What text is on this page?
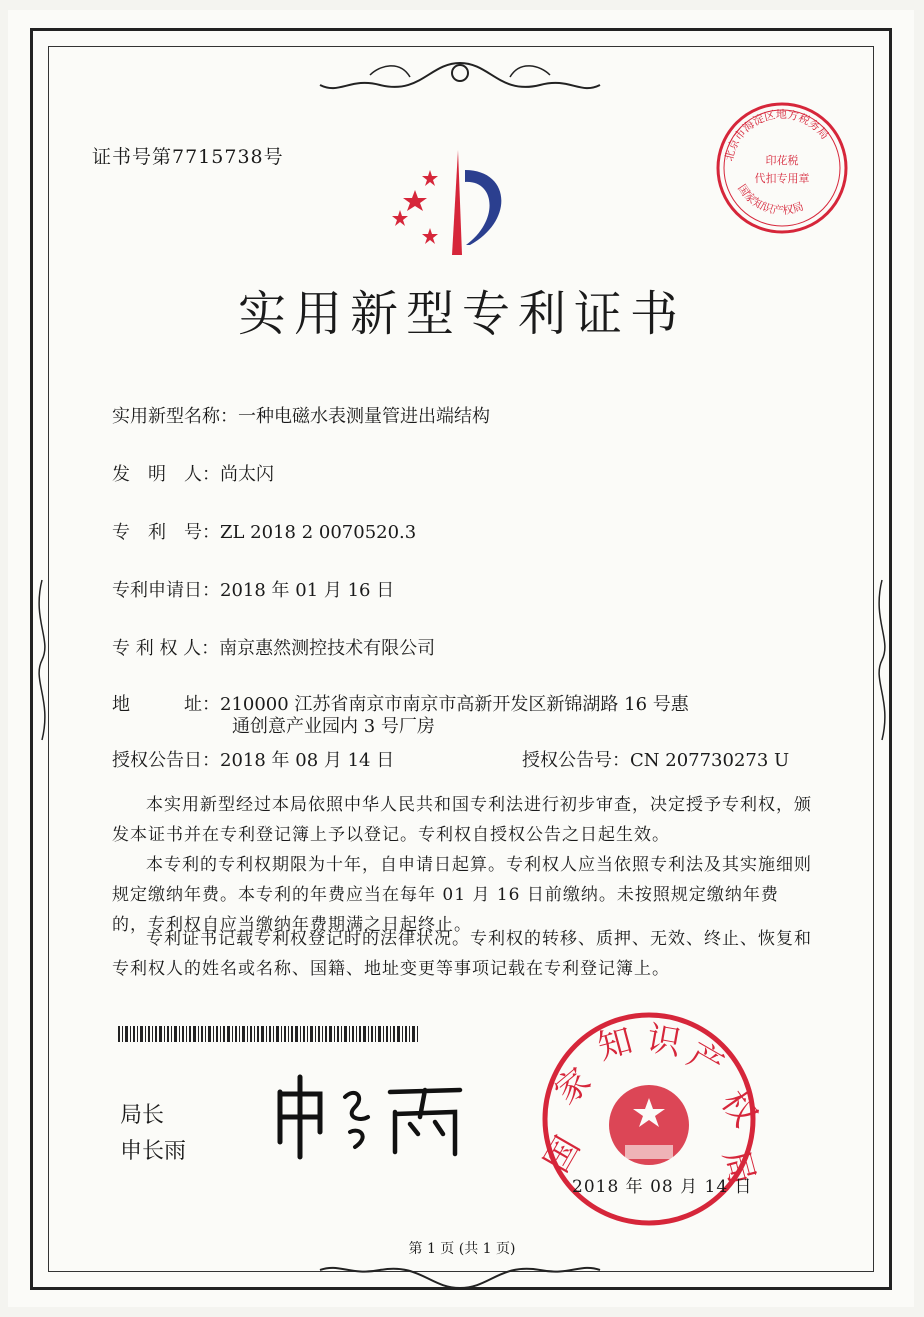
证书号第7715738号
实用新型专利证书
实用新型名称：一种电磁水表测量管进出端结构
发　明　人：尚太闪
专　利　号：ZL 2018 2 0070520.3
专利申请日：2018 年 01 月 16 日
专 利 权 人：南京惠然测控技术有限公司
地　　　址：210000 江苏省南京市南京市高新开发区新锦湖路 16 号惠
通创意产业园内 3 号厂房
授权公告日：2018 年 08 月 14 日	授权公告号：CN 207730273 U
本实用新型经过本局依照中华人民共和国专利法进行初步审查，决定授予专利权，颁发本证书并在专利登记簿上予以登记。专利权自授权公告之日起生效。
本专利的专利权期限为十年，自申请日起算。专利权人应当依照专利法及其实施细则规定缴纳年费。本专利的年费应当在每年 01 月 16 日前缴纳。未按照规定缴纳年费的，专利权自应当缴纳年费期满之日起终止。
专利证书记载专利权登记时的法律状况。专利权的转移、质押、无效、终止、恢复和专利权人的姓名或名称、国籍、地址变更等事项记载在专利登记簿上。
局长
申长雨	国
家
知 识
产
权
局
2018 年 08 月 14 日
印花税
代扣专用章
北京市海淀区地方税务局
国家知识产权局
第 1 页 (共 1 页)
